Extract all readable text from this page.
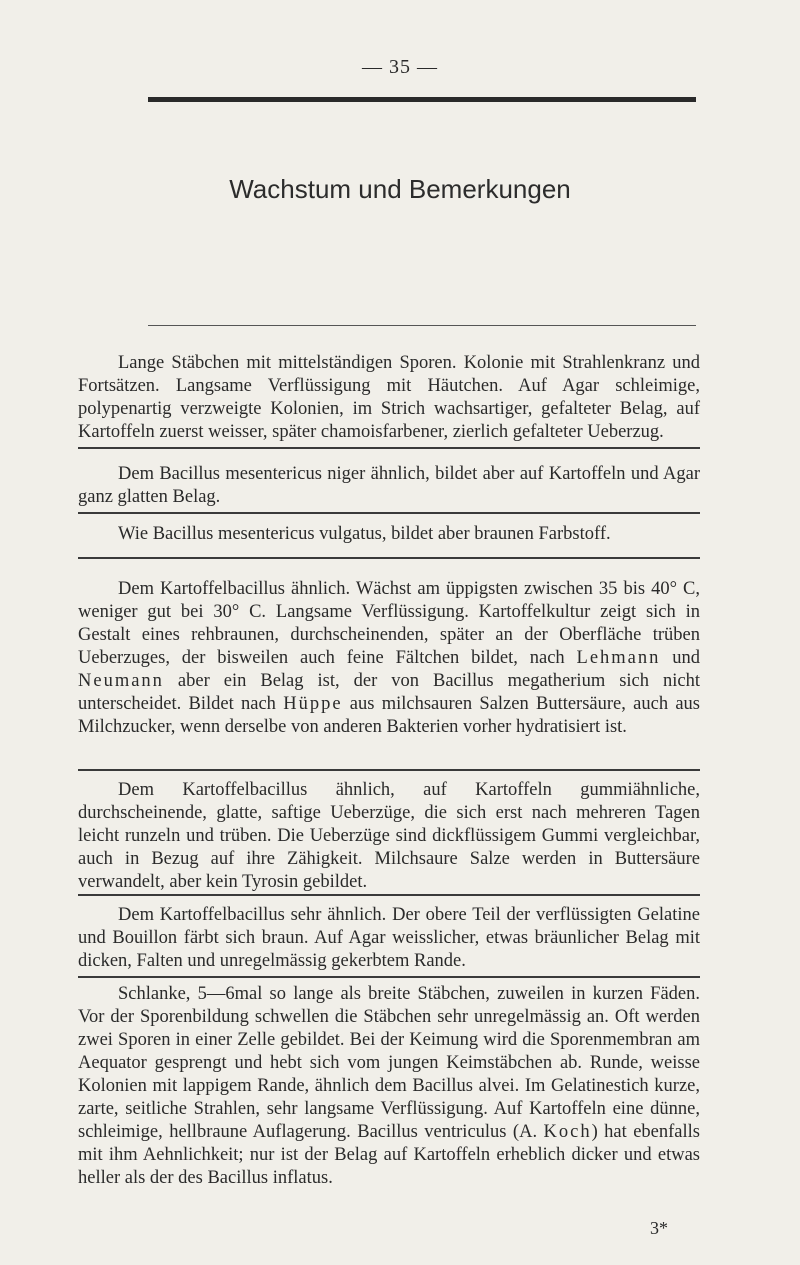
— 35 —
Wachstum und Bemerkungen

Lange Stäbchen mit mittelständigen Sporen. Kolonie mit Strahlenkranz und Fortsätzen. Langsame Verflüssigung mit Häutchen. Auf Agar schleimige, polypenartig verzweigte Kolonien, im Strich wachsartiger, gefalteter Belag, auf Kartoffeln zuerst weisser, später chamoisfarbener, zierlich gefalteter Ueberzug.

Dem Bacillus mesentericus niger ähnlich, bildet aber auf Kartoffeln und Agar ganz glatten Belag.

Wie Bacillus mesentericus vulgatus, bildet aber braunen Farbstoff.

Dem Kartoffelbacillus ähnlich. Wächst am üppigsten zwischen 35 bis 40° C, weniger gut bei 30° C. Langsame Verflüssigung. Kartoffelkultur zeigt sich in Gestalt eines rehbraunen, durchscheinenden, später an der Oberfläche trüben Ueberzuges, der bisweilen auch feine Fältchen bildet, nach Lehmann und Neumann aber ein Belag ist, der von Bacillus megatherium sich nicht unterscheidet. Bildet nach Hüppe aus milchsauren Salzen Buttersäure, auch aus Milchzucker, wenn derselbe von anderen Bakterien vorher hydratisiert ist.

Dem Kartoffelbacillus ähnlich, auf Kartoffeln gummiähnliche, durchscheinende, glatte, saftige Ueberzüge, die sich erst nach mehreren Tagen leicht runzeln und trüben. Die Ueberzüge sind dickflüssigem Gummi vergleichbar, auch in Bezug auf ihre Zähigkeit. Milchsaure Salze werden in Buttersäure verwandelt, aber kein Tyrosin gebildet.

Dem Kartoffelbacillus sehr ähnlich. Der obere Teil der verflüssigten Gelatine und Bouillon färbt sich braun. Auf Agar weisslicher, etwas bräunlicher Belag mit dicken, Falten und unregelmässig gekerbtem Rande.

Schlanke, 5—6mal so lange als breite Stäbchen, zuweilen in kurzen Fäden. Vor der Sporenbildung schwellen die Stäbchen sehr unregelmässig an. Oft werden zwei Sporen in einer Zelle gebildet. Bei der Keimung wird die Sporenmembran am Aequator gesprengt und hebt sich vom jungen Keimstäbchen ab. Runde, weisse Kolonien mit lappigem Rande, ähnlich dem Bacillus alvei. Im Gelatinestich kurze, zarte, seitliche Strahlen, sehr langsame Verflüssigung. Auf Kartoffeln eine dünne, schleimige, hellbraune Auflagerung. Bacillus ventriculus (A. Koch) hat ebenfalls mit ihm Aehnlichkeit; nur ist der Belag auf Kartoffeln erheblich dicker und etwas heller als der des Bacillus inflatus.

3*
